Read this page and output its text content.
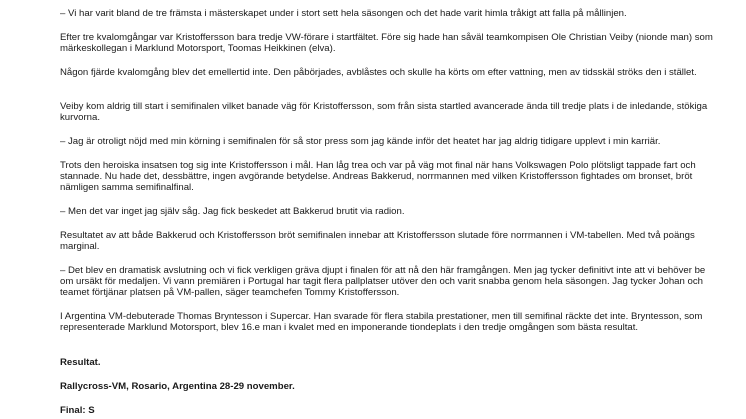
– Vi har varit bland de tre främsta i mästerskapet under i stort sett hela säsongen och det hade varit himla tråkigt att falla på mållinjen.

Efter tre kvalomgångar var Kristoffersson bara tredje VW-förare i startfältet. Före sig hade han såväl teamkompisen Ole Christian Veiby (nionde man) som märkeskollegan i Marklund Motorsport, Toomas Heikkinen (elva).

Någon fjärde kvalomgång blev det emellertid inte. Den påbörjades, avblåstes och skulle ha körts om efter vattning, men av tidsskäl ströks den i stället.

Veiby kom aldrig till start i semifinalen vilket banade väg för Kristoffersson, som från sista startled avancerade ända till tredje plats i de inledande, stökiga kurvorna.

– Jag är otroligt nöjd med min körning i semifinalen för så stor press som jag kände inför det heatet har jag aldrig tidigare upplevt i min karriär.

Trots den heroiska insatsen tog sig inte Kristoffersson i mål. Han låg trea och var på väg mot final när hans Volkswagen Polo plötsligt tappade fart och stannade. Nu hade det, dessbättre, ingen avgörande betydelse. Andreas Bakkerud, norrmannen med vilken Kristoffersson fightades om bronset, bröt nämligen samma semifinalfinal.

– Men det var inget jag själv såg. Jag fick beskedet att Bakkerud brutit via radion.

Resultatet av att både Bakkerud och Kristoffersson bröt semifinalen innebar att Kristoffersson slutade före norrmannen i VM-tabellen. Med två poängs marginal.

– Det blev en dramatisk avslutning och vi fick verkligen gräva djupt i finalen för att nå den här framgången. Men jag tycker definitivt inte att vi behöver be om ursäkt för medaljen. Vi vann premiären i Portugal har tagit flera pallplatser utöver den och varit snabba genom hela säsongen. Jag tycker Johan och teamet förtjänar platsen på VM-pallen, säger teamchefen Tommy Kristoffersson.

I Argentina VM-debuterade Thomas Bryntesson i Supercar. Han svarade för flera stabila prestationer, men till semifinal räckte det inte. Bryntesson, som representerade Marklund Motorsport, blev 16.e man i kvalet med en imponerande tiondeplats i den tredje omgången som bästa resultat.

Resultat.

Rallycross-VM, Rosario, Argentina 28-29 november.

Final: S
